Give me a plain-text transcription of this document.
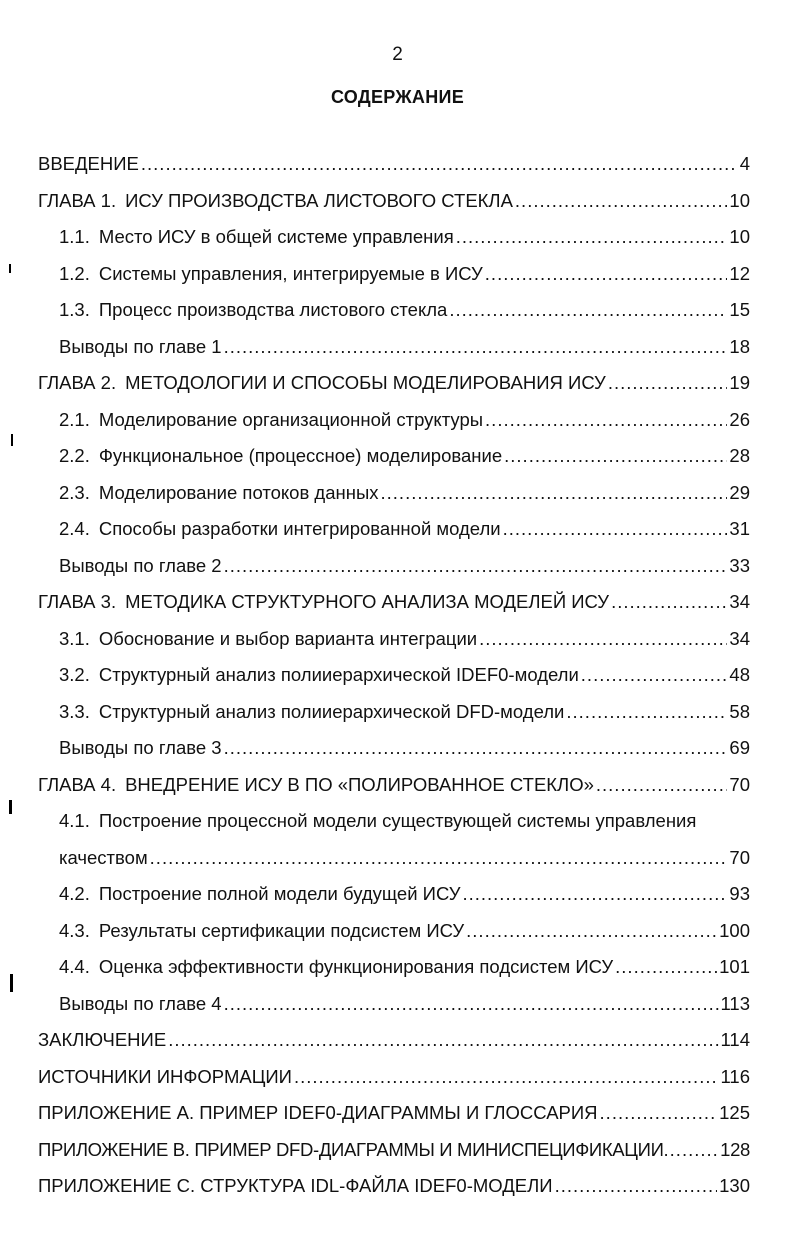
2
СОДЕРЖАНИЕ
ВВЕДЕНИЕ .....	4
ГЛАВА 1. ИСУ ПРОИЗВОДСТВА ЛИСТОВОГО СТЕКЛА .....	10
1.1. Место ИСУ в общей системе управления .....	10
1.2. Системы управления, интегрируемые в ИСУ .....	12
1.3. Процесс производства листового стекла .....	15
Выводы по главе 1 .....	18
ГЛАВА 2. МЕТОДОЛОГИИ И СПОСОБЫ МОДЕЛИРОВАНИЯ ИСУ .....	19
2.1. Моделирование организационной структуры .....	26
2.2. Функциональное (процессное) моделирование .....	28
2.3. Моделирование потоков данных .....	29
2.4. Способы разработки интегрированной модели .....	31
Выводы по главе 2 .....	33
ГЛАВА 3. МЕТОДИКА СТРУКТУРНОГО АНАЛИЗА МОДЕЛЕЙ ИСУ .....	34
3.1. Обоснование и выбор варианта интеграции .....	34
3.2. Структурный анализ полииерархической IDEF0-модели .....	48
3.3. Структурный анализ полииерархической DFD-модели .....	58
Выводы по главе 3 .....	69
ГЛАВА 4. ВНЕДРЕНИЕ ИСУ В ПО «ПОЛИРОВАННОЕ СТЕКЛО» .....	70
4.1. Построение процессной модели существующей системы управления
качеством .....	70
4.2. Построение полной модели будущей ИСУ .....	93
4.3. Результаты сертификации подсистем ИСУ .....	100
4.4. Оценка эффективности функционирования подсистем ИСУ .....	101
Выводы по главе 4 .....	113
ЗАКЛЮЧЕНИЕ .....	114
ИСТОЧНИКИ ИНФОРМАЦИИ .....	116
ПРИЛОЖЕНИЕ А. ПРИМЕР IDEF0-ДИАГРАММЫ И ГЛОССАРИЯ .....	125
ПРИЛОЖЕНИЕ В. ПРИМЕР DFD-ДИАГРАММЫ И МИНИСПЕЦИФИКАЦИИ .....	128
ПРИЛОЖЕНИЕ С. СТРУКТУРА IDL-ФАЙЛА IDEF0-МОДЕЛИ .....	130
